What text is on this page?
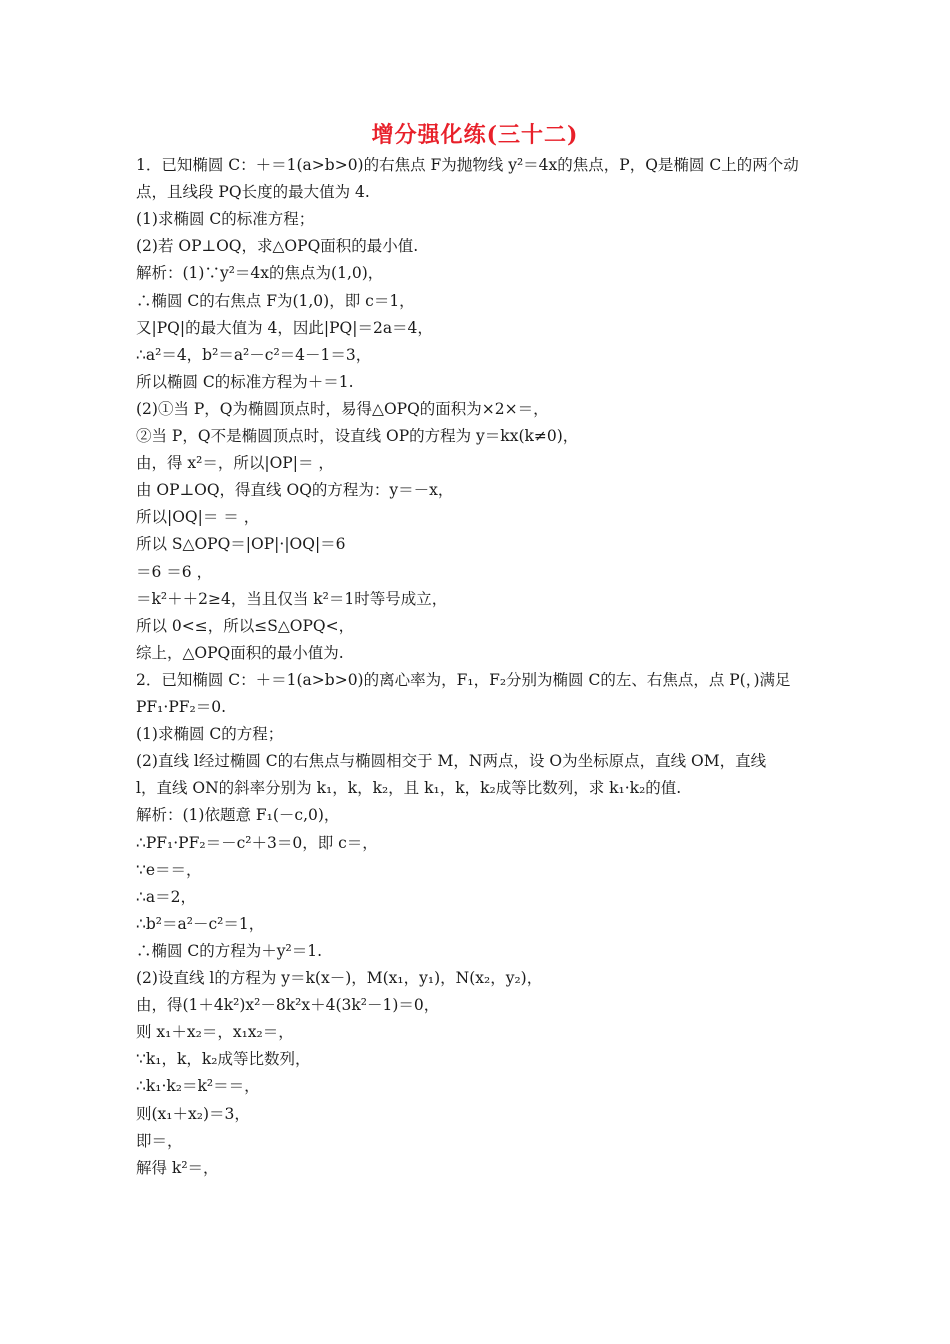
增分强化练(三十二)
1．已知椭圆 C：＋＝1(a>b>0)的右焦点 F为抛物线 y²＝4x的焦点，P，Q是椭圆 C上的两个动
点，且线段 PQ长度的最大值为 4.
(1)求椭圆 C的标准方程；
(2)若 OP⊥OQ，求△OPQ面积的最小值.
解析：(1)∵y²＝4x的焦点为(1,0)，
∴椭圆 C的右焦点 F为(1,0)，即 c＝1，
又|PQ|的最大值为 4，因此|PQ|＝2a＝4，
∴a²＝4，b²＝a²－c²＝4－1＝3，
所以椭圆 C的标准方程为＋＝1.
(2)①当 P，Q为椭圆顶点时，易得△OPQ的面积为×2×＝，
②当 P，Q不是椭圆顶点时，设直线 OP的方程为 y＝kx(k≠0)，
由，得 x²＝，所以|OP|＝ ，
由 OP⊥OQ，得直线 OQ的方程为：y＝－x，
所以|OQ|＝ ＝ ，
所以 S△OPQ＝|OP|·|OQ|＝6
＝6 ＝6 ，
＝k²＋＋2≥4，当且仅当 k²＝1时等号成立，
所以 0<≤，所以≤S△OPQ<，
综上，△OPQ面积的最小值为.
2．已知椭圆 C：＋＝1(a>b>0)的离心率为，F₁，F₂分别为椭圆 C的左、右焦点，点 P(，)满足
PF₁·PF₂＝0.
(1)求椭圆 C的方程；
(2)直线 l经过椭圆 C的右焦点与椭圆相交于 M，N两点，设 O为坐标原点，直线 OM，直线
l，直线 ON的斜率分别为 k₁，k，k₂，且 k₁，k，k₂成等比数列，求 k₁·k₂的值.
解析：(1)依题意 F₁(－c,0)，
∴PF₁·PF₂＝－c²＋3＝0，即 c＝，
∵e＝＝，
∴a＝2，
∴b²＝a²－c²＝1，
∴椭圆 C的方程为＋y²＝1.
(2)设直线 l的方程为 y＝k(x－)，M(x₁，y₁)，N(x₂，y₂)，
由，得(1＋4k²)x²－8k²x＋4(3k²－1)＝0，
则 x₁＋x₂＝，x₁x₂＝，
∵k₁，k，k₂成等比数列，
∴k₁·k₂＝k²＝＝，
则(x₁＋x₂)＝3，
即＝，
解得 k²＝，
